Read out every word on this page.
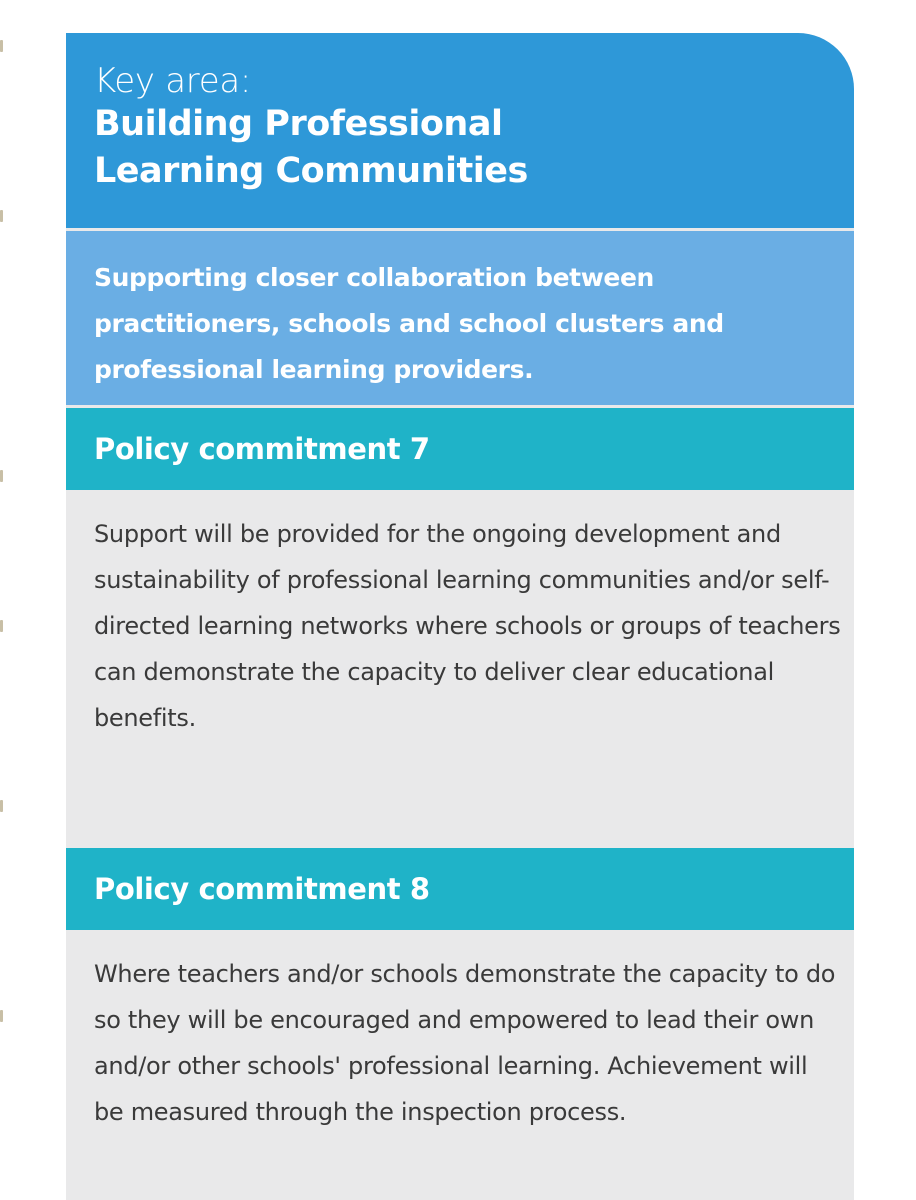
Key area:
Building Professional
Learning Communities
Supporting closer collaboration between practitioners, schools and school clusters and professional learning providers.
Policy commitment 7
Support will be provided for the ongoing development and sustainability of professional learning communities and/or self-directed learning networks where schools or groups of teachers can demonstrate the capacity to deliver clear educational benefits.
Policy commitment 8
Where teachers and/or schools demonstrate the capacity to do so they will be encouraged and empowered to lead their own and/or other schools' professional learning. Achievement will be measured through the inspection process.
